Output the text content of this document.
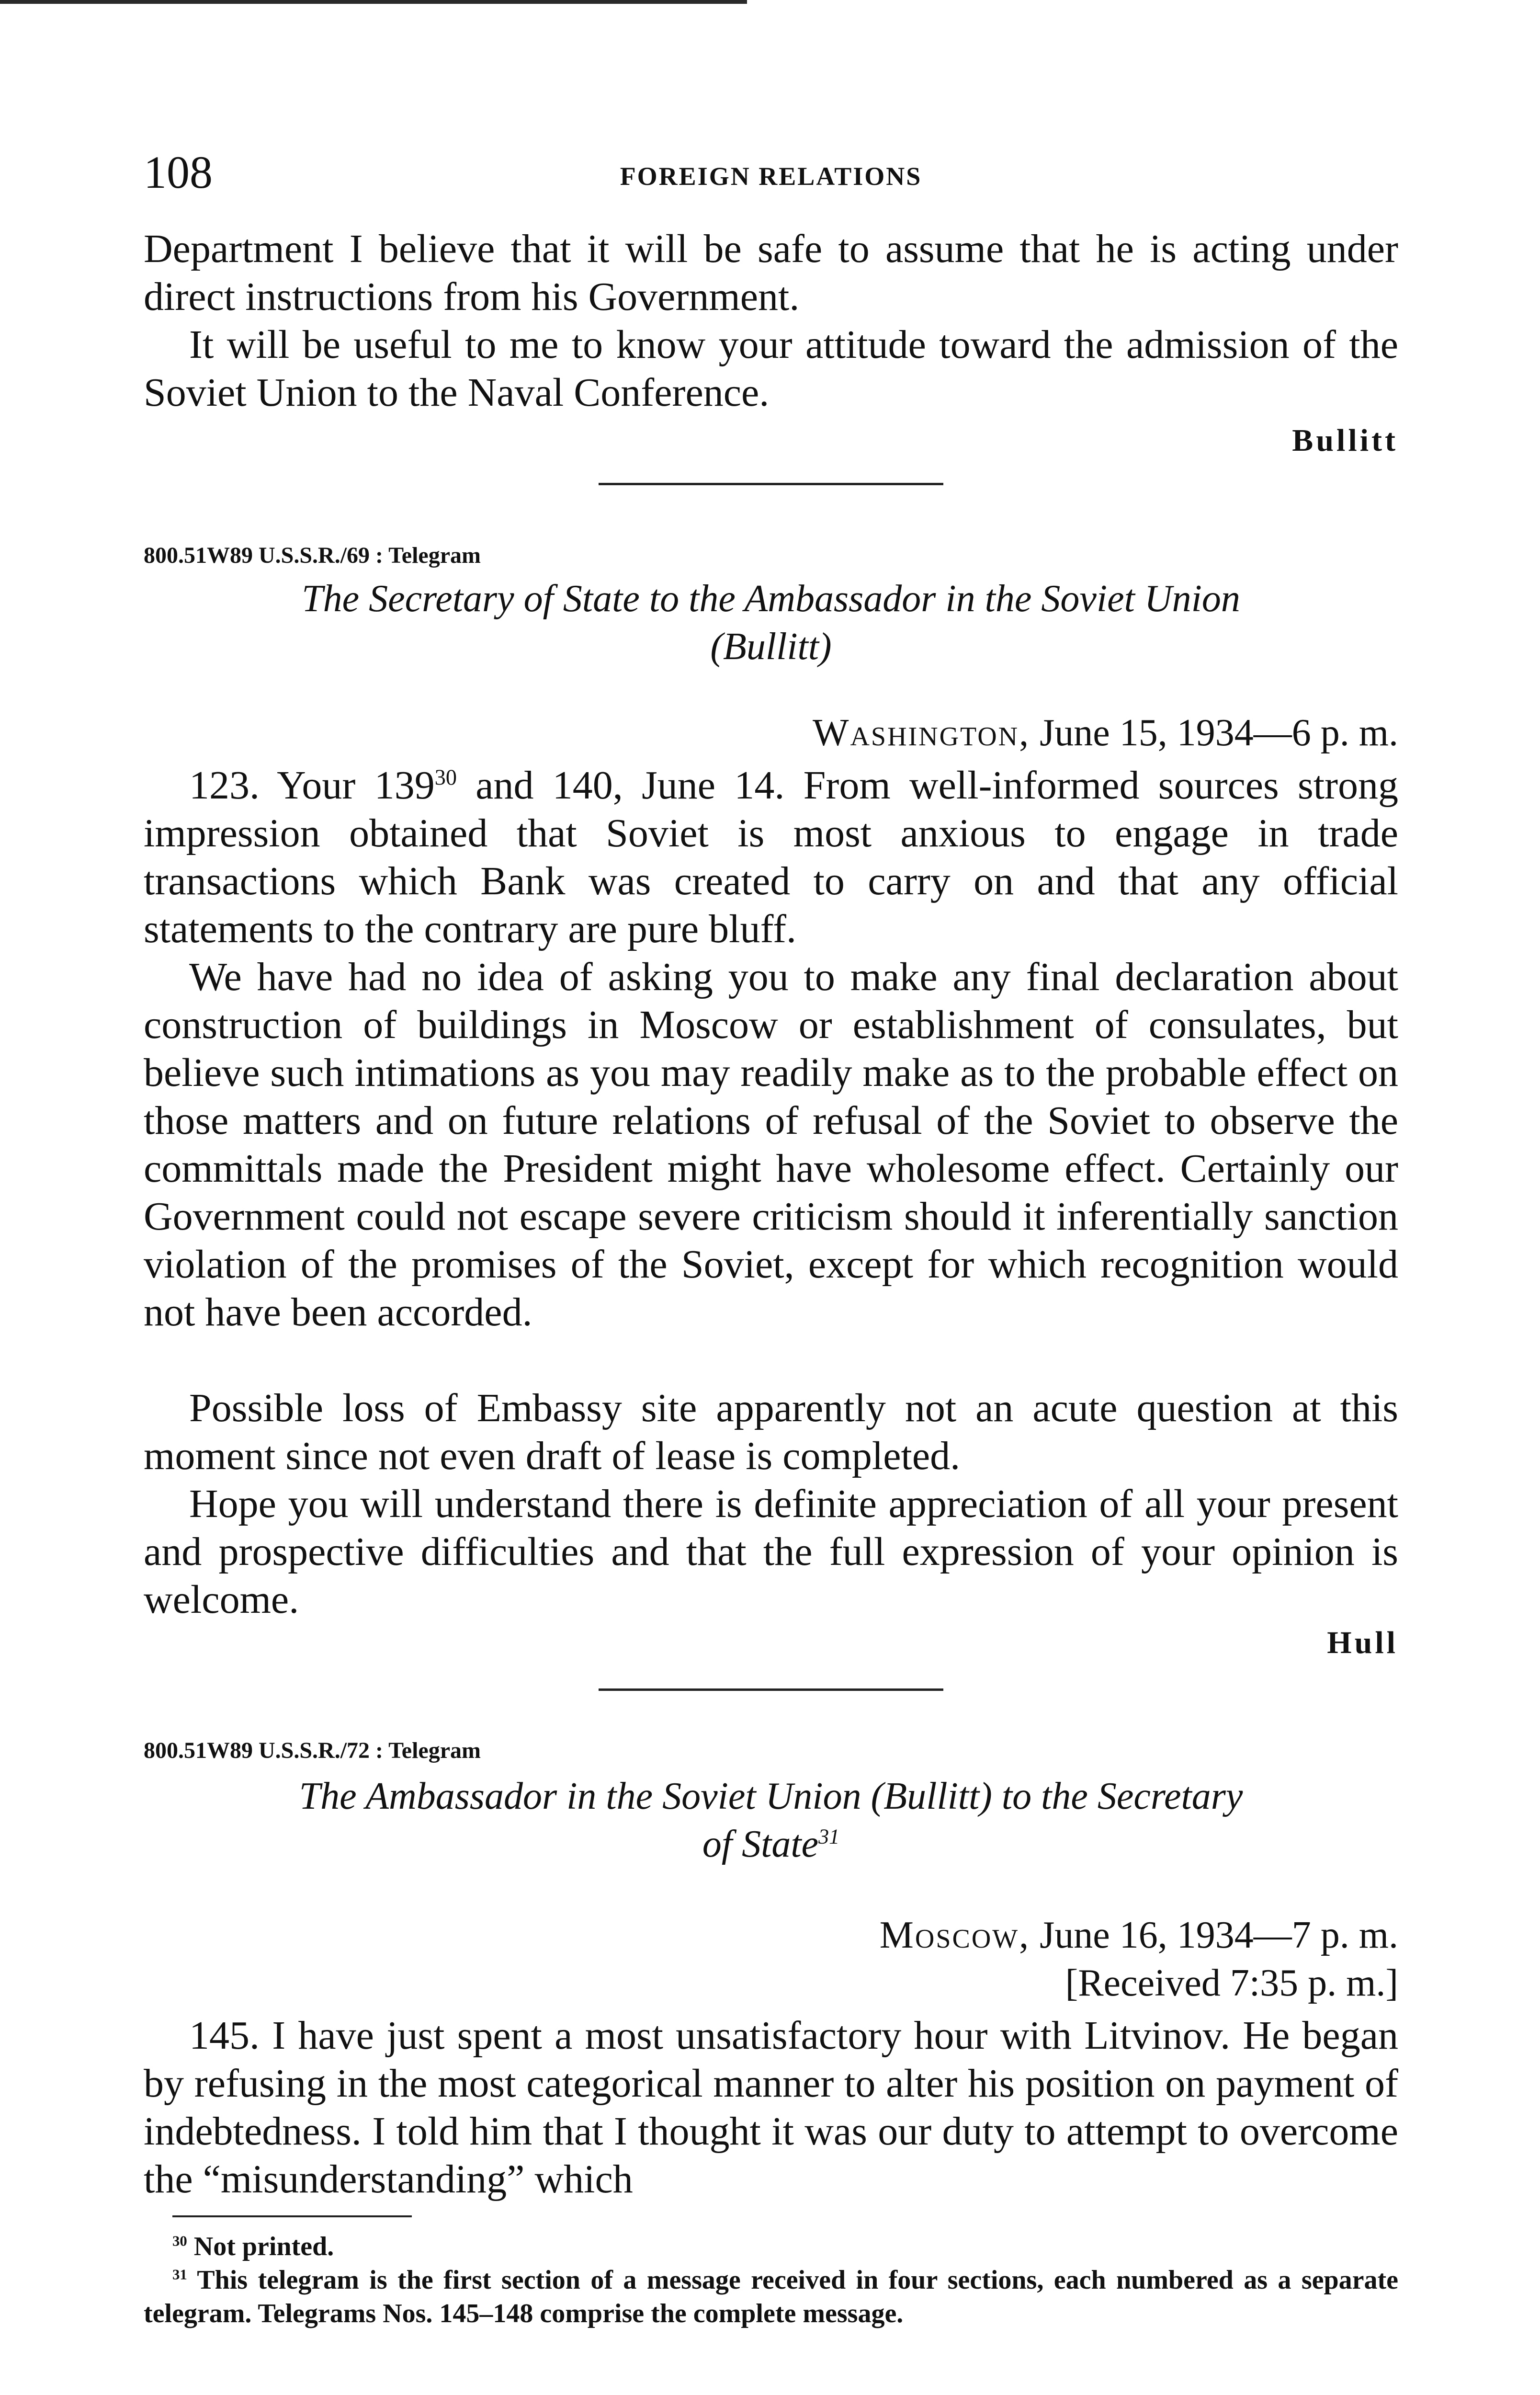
108	FOREIGN RELATIONS
Department I believe that it will be safe to assume that he is acting under direct instructions from his Government.
It will be useful to me to know your attitude toward the admission of the Soviet Union to the Naval Conference.
Bullitt
800.51W89 U.S.S.R./69 : Telegram
The Secretary of State to the Ambassador in the Soviet Union
(Bullitt)
Washington, June 15, 1934—6 p. m.
123. Your $139^{30}$ and 140, June 14. From well-informed sources strong impression obtained that Soviet is most anxious to engage in trade transactions which Bank was created to carry on and that any official statements to the contrary are pure bluff.
We have had no idea of asking you to make any final declaration about construction of buildings in Moscow or establishment of consulates, but believe such intimations as you may readily make as to the probable effect on those matters and on future relations of refusal of the Soviet to observe the committals made the President might have wholesome effect. Certainly our Government could not escape severe criticism should it inferentially sanction violation of the promises of the Soviet, except for which recognition would not have been accorded.
Possible loss of Embassy site apparently not an acute question at this moment since not even draft of lease is completed.
Hope you will understand there is definite appreciation of all your present and prospective difficulties and that the full expression of your opinion is welcome.
Hull
800.51W89 U.S.S.R./72 : Telegram
The Ambassador in the Soviet Union (Bullitt) to the Secretary
of State$^{31}$
Moscow, June 16, 1934—7 p. m.
[Received 7:35 p. m.]
145. I have just spent a most unsatisfactory hour with Litvinov. He began by refusing in the most categorical manner to alter his position on payment of indebtedness. I told him that I thought it was our duty to attempt to overcome the “misunderstanding” which

$^{30}$ Not printed.

$^{31}$ This telegram is the first section of a message received in four sections, each numbered as a separate telegram. Telegrams Nos. 145–148 comprise the complete message.
